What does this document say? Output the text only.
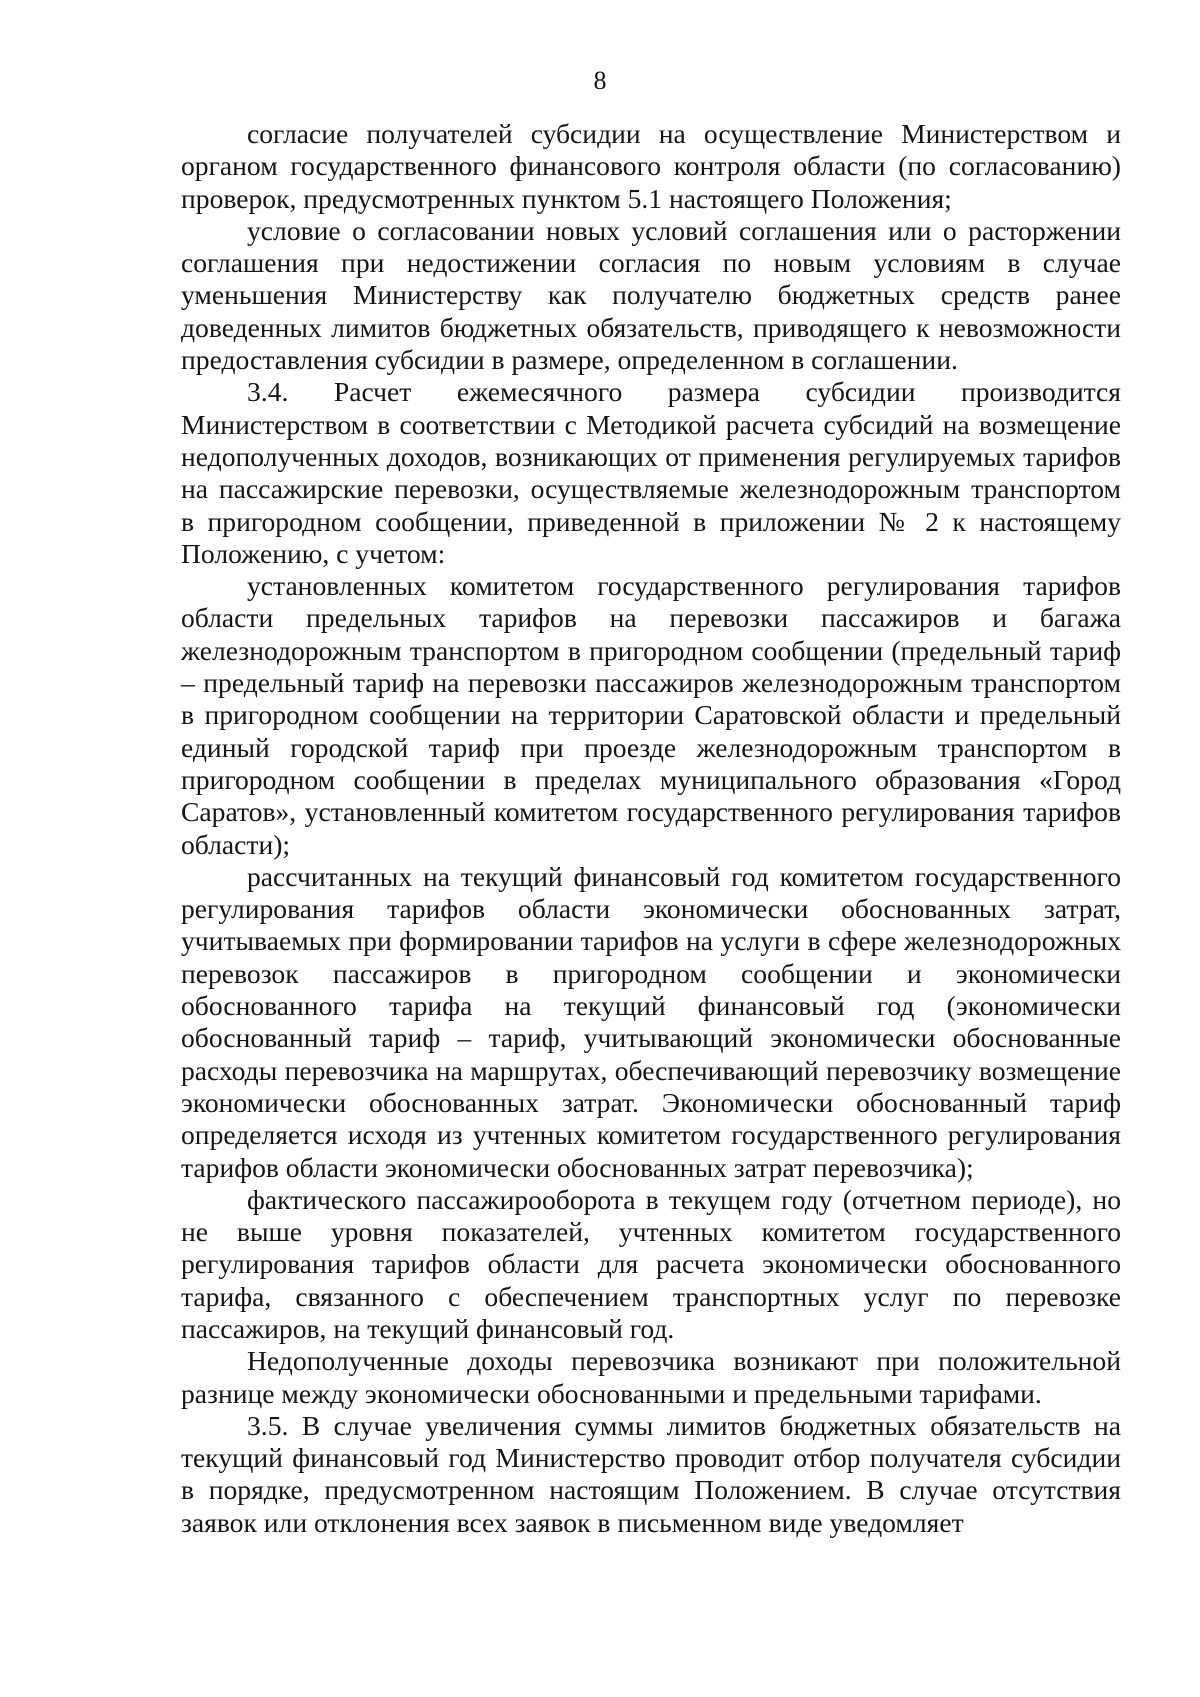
8

согласие получателей субсидии на осуществление Министерством и органом государственного финансового контроля области (по согласованию) проверок, предусмотренных пунктом 5.1 настоящего Положения;

условие о согласовании новых условий соглашения или о расторжении соглашения при недостижении согласия по новым условиям в случае уменьшения Министерству как получателю бюджетных средств ранее доведенных лимитов бюджетных обязательств, приводящего к невозможности предоставления субсидии в размере, определенном в соглашении.

3.4. Расчет ежемесячного размера субсидии производится Министерством в соответствии с Методикой расчета субсидий на возмещение недополученных доходов, возникающих от применения регулируемых тарифов на пассажирские перевозки, осуществляемые железнодорожным транспортом в пригородном сообщении, приведенной в приложении № 2 к настоящему Положению, с учетом:

установленных комитетом государственного регулирования тарифов области предельных тарифов на перевозки пассажиров и багажа железнодорожным транспортом в пригородном сообщении (предельный тариф – предельный тариф на перевозки пассажиров железнодорожным транспортом в пригородном сообщении на территории Саратовской области и предельный единый городской тариф при проезде железнодорожным транспортом в пригородном сообщении в пределах муниципального образования «Город Саратов», установленный комитетом государственного регулирования тарифов области);

рассчитанных на текущий финансовый год комитетом государственного регулирования тарифов области экономически обоснованных затрат, учитываемых при формировании тарифов на услуги в сфере железнодорожных перевозок пассажиров в пригородном сообщении и экономически обоснованного тарифа на текущий финансовый год (экономически обоснованный тариф – тариф, учитывающий экономически обоснованные расходы перевозчика на маршрутах, обеспечивающий перевозчику возмещение экономически обоснованных затрат. Экономически обоснованный тариф определяется исходя из учтенных комитетом государственного регулирования тарифов области экономически обоснованных затрат перевозчика);

фактического пассажирооборота в текущем году (отчетном периоде), но не выше уровня показателей, учтенных комитетом государственного регулирования тарифов области для расчета экономически обоснованного тарифа, связанного с обеспечением транспортных услуг по перевозке пассажиров, на текущий финансовый год.

Недополученные доходы перевозчика возникают при положительной разнице между экономически обоснованными и предельными тарифами.

3.5. В случае увеличения суммы лимитов бюджетных обязательств на текущий финансовый год Министерство проводит отбор получателя субсидии в порядке, предусмотренном настоящим Положением. В случае отсутствия заявок или отклонения всех заявок в письменном виде уведомляет
